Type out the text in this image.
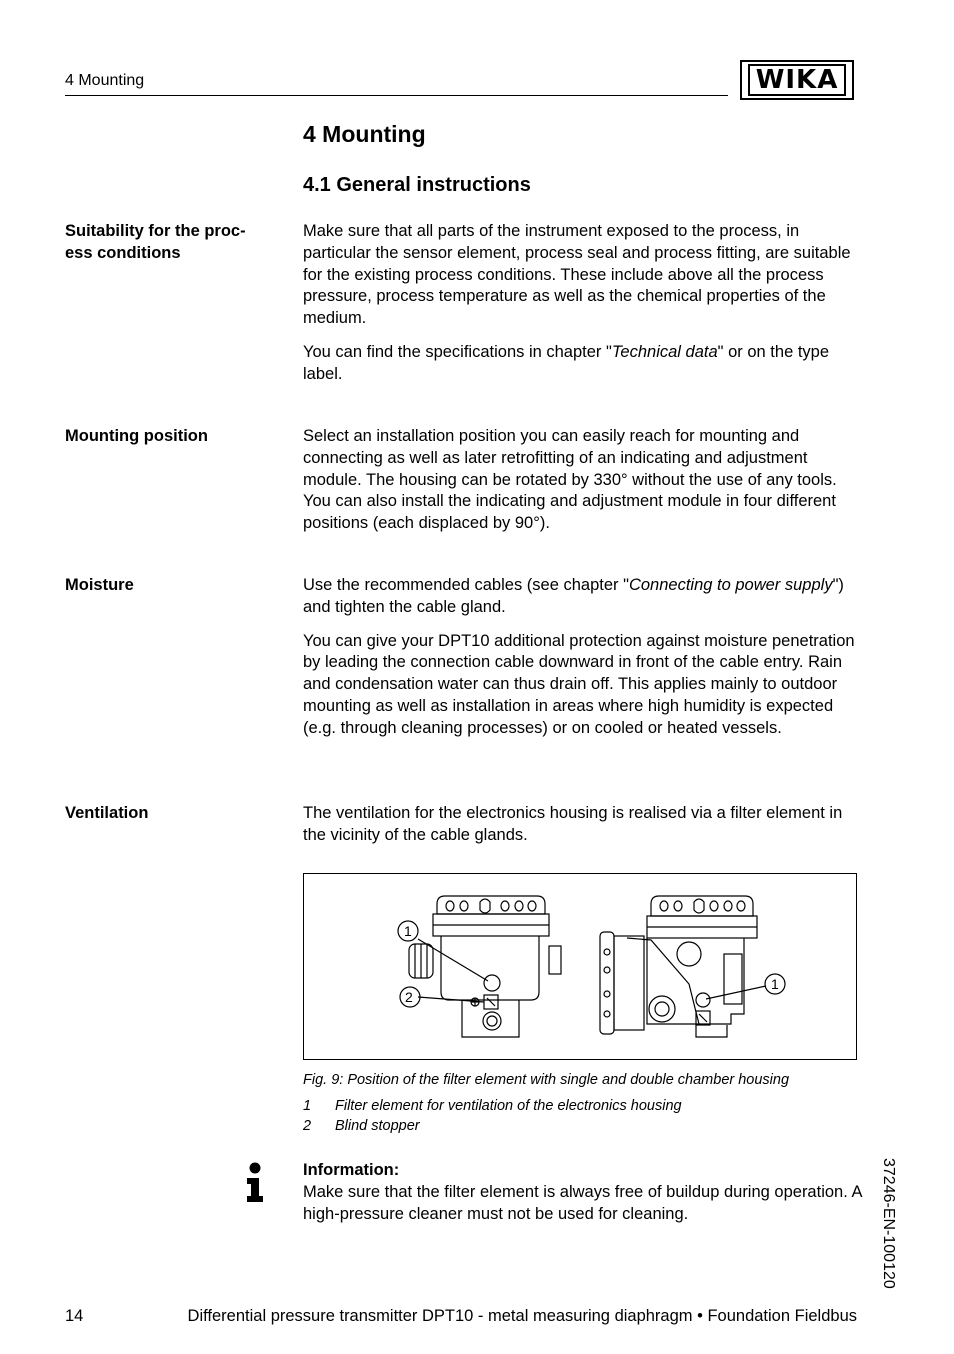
4 Mounting	WIKA
4 Mounting
4.1 General instructions
Suitability for the proc-
ess conditions

Make sure that all parts of the instrument exposed to the process, in particular the sensor element, process seal and process fitting, are suitable for the existing process conditions. These include above all the process pressure, process temperature as well as the chemical properties of the medium.

You can find the specifications in chapter "Technical data" or on the type label.

Mounting position	Select an installation position you can easily reach for mounting and connecting as well as later retrofitting of an indicating and adjustment module. The housing can be rotated by 330° without the use of any tools. You can also install the indicating and adjustment module in four different positions (each displaced by 90°).

Moisture	Use the recommended cables (see chapter "Connecting to power supply") and tighten the cable gland.

You can give your DPT10 additional protection against moisture penetration by leading the connection cable downward in front of the cable entry. Rain and condensation water can thus drain off. This applies mainly to outdoor mounting as well as installation in areas where high humidity is expected (e.g. through cleaning processes) or on cooled or heated vessels.

Ventilation	The ventilation for the electronics housing is realised via a filter element in the vicinity of the cable glands.

1
2
1
Fig. 9: Position of the filter element with single and double chamber housing
1 Filter element for ventilation of the electronics housing
2 Blind stopper
Information:
Make sure that the filter element is always free of buildup during operation. A high-pressure cleaner must not be used for cleaning.	37246-EN-100120
14	Differential pressure transmitter DPT10 - metal measuring diaphragm • Foundation Fieldbus
